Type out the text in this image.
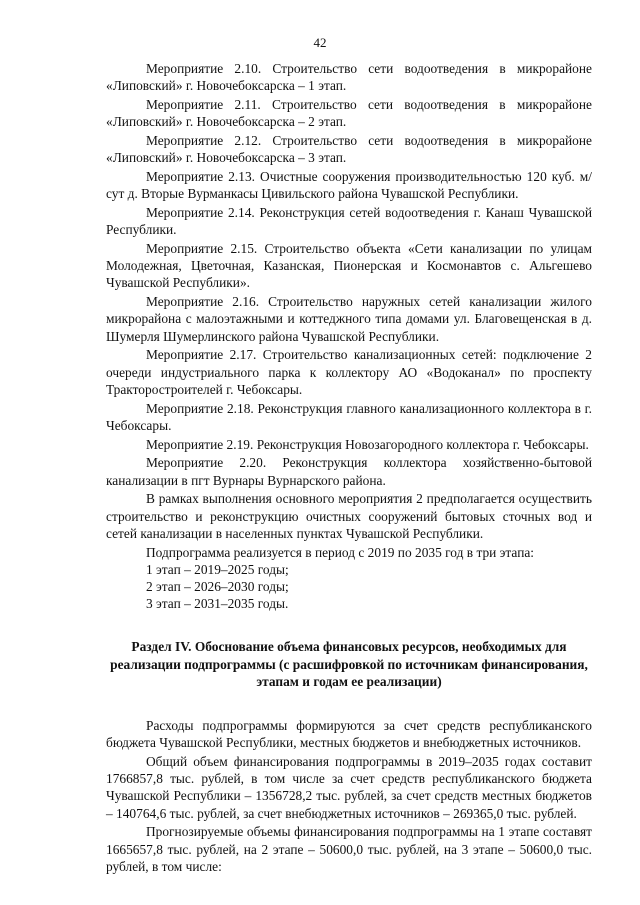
42

Мероприятие 2.10. Строительство сети водоотведения в микрорайоне «Липовский» г. Новочебоксарска – 1 этап.

Мероприятие 2.11. Строительство сети водоотведения в микрорайоне «Липовский» г. Новочебоксарска – 2 этап.

Мероприятие 2.12. Строительство сети водоотведения в микрорайоне «Липовский» г. Новочебоксарска – 3 этап.

Мероприятие 2.13. Очистные сооружения производительностью 120 куб. м/сут д. Вторые Вурманкасы Цивильского района Чувашской Республики.

Мероприятие 2.14. Реконструкция сетей водоотведения г. Канаш Чувашской Республики.

Мероприятие 2.15. Строительство объекта «Сети канализации по улицам Молодежная, Цветочная, Казанская, Пионерская и Космонавтов с. Альгешево Чувашской Республики».

Мероприятие 2.16. Строительство наружных сетей канализации жилого микрорайона с малоэтажными и коттеджного типа домами ул. Благовещенская в д. Шумерля Шумерлинского района Чувашской Республики.

Мероприятие 2.17. Строительство канализационных сетей: подключение 2 очереди индустриального парка к коллектору АО «Водоканал» по проспекту Тракторостроителей г. Чебоксары.

Мероприятие 2.18. Реконструкция главного канализационного коллектора в г. Чебоксары.

Мероприятие 2.19. Реконструкция Новозагородного коллектора г. Чебоксары.

Мероприятие 2.20. Реконструкция коллектора хозяйственно-бытовой канализации в пгт Вурнары Вурнарского района.

В рамках выполнения основного мероприятия 2 предполагается осуществить строительство и реконструкцию очистных сооружений бытовых сточных вод и сетей канализации в населенных пунктах Чувашской Республики.

Подпрограмма реализуется в период с 2019 по 2035 год в три этапа:

1 этап – 2019–2025 годы;

2 этап – 2026–2030 годы;

3 этап – 2031–2035 годы.

Раздел IV. Обоснование объема финансовых ресурсов, необходимых для реализации подпрограммы (с расшифровкой по источникам финансирования, этапам и годам ее реализации)

Расходы подпрограммы формируются за счет средств республиканского бюджета Чувашской Республики, местных бюджетов и внебюджетных источников.

Общий объем финансирования подпрограммы в 2019–2035 годах составит 1766857,8 тыс. рублей, в том числе за счет средств республиканского бюджета Чувашской Республики – 1356728,2 тыс. рублей, за счет средств местных бюджетов – 140764,6 тыс. рублей, за счет внебюджетных источников – 269365,0 тыс. рублей.

Прогнозируемые объемы финансирования подпрограммы на 1 этапе составят 1665657,8 тыс. рублей, на 2 этапе – 50600,0 тыс. рублей, на 3 этапе – 50600,0 тыс. рублей, в том числе:
